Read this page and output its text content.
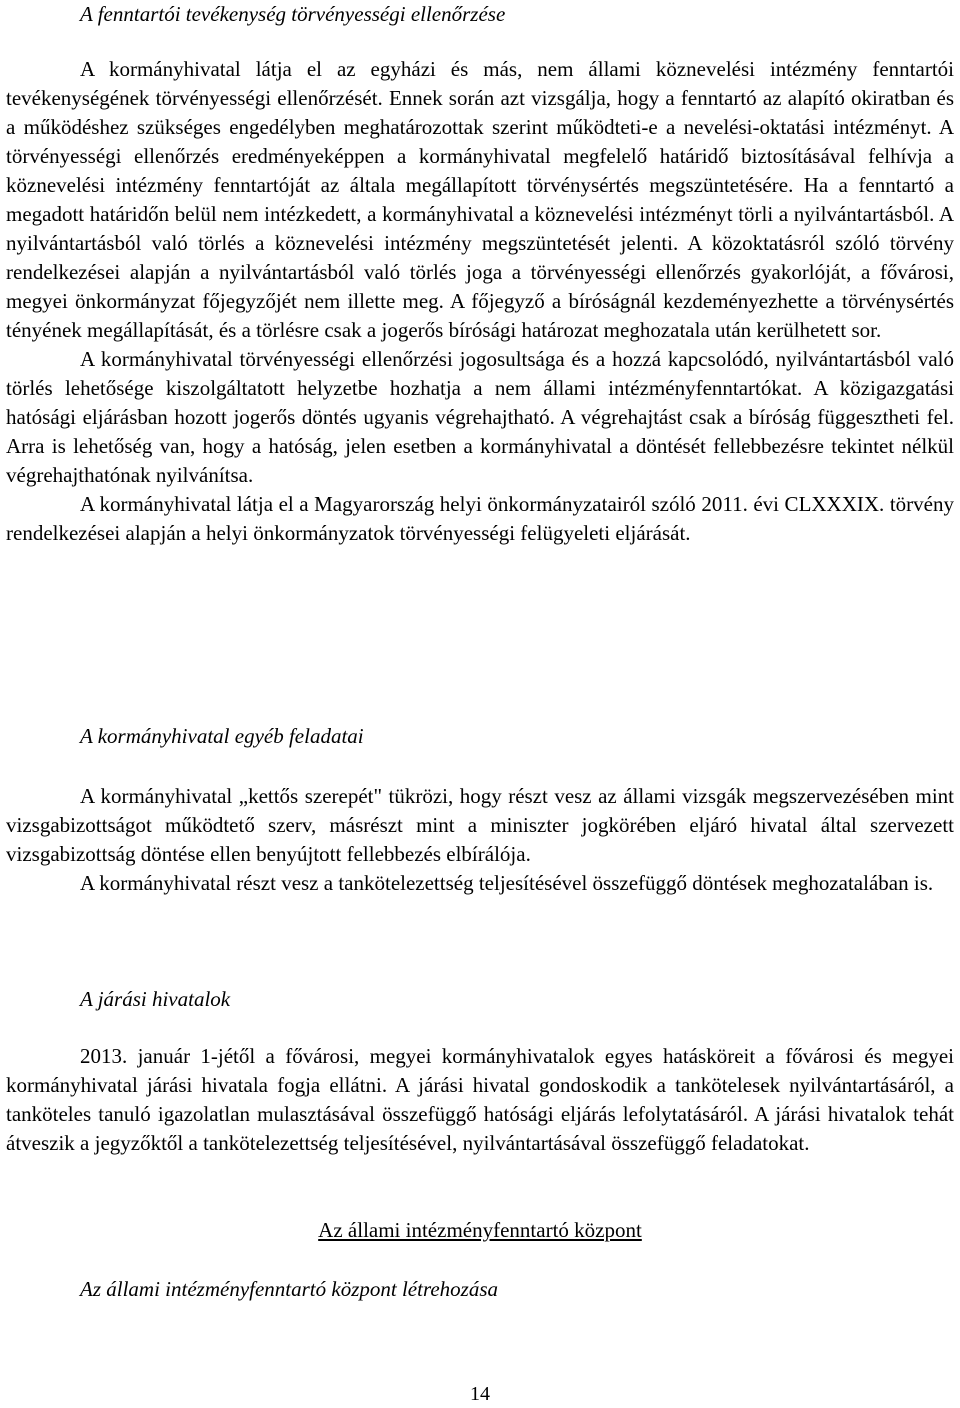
A fenntartói tevékenység törvényességi ellenőrzése

A kormányhivatal látja el az egyházi és más, nem állami köznevelési intézmény fenntartói tevékenységének törvényességi ellenőrzését. Ennek során azt vizsgálja, hogy a fenntartó az alapító okiratban és a működéshez szükséges engedélyben meghatározottak szerint működteti-e a nevelési-oktatási intézményt. A törvényességi ellenőrzés eredményeképpen a kormányhivatal megfelelő határidő biztosításával felhívja a köznevelési intézmény fenntartóját az általa megállapított törvénysértés megszüntetésére. Ha a fenntartó a megadott határidőn belül nem intézkedett, a kormányhivatal a köznevelési intézményt törli a nyilvántartásból. A nyilvántartásból való törlés a köznevelési intézmény megszüntetését jelenti. A közoktatásról szóló törvény rendelkezései alapján a nyilvántartásból való törlés joga a törvényességi ellenőrzés gyakorlóját, a fővárosi, megyei önkormányzat főjegyzőjét nem illette meg. A főjegyző a bíróságnál kezdeményezhette a törvénysértés tényének megállapítását, és a törlésre csak a jogerős bírósági határozat meghozatala után kerülhetett sor.

A kormányhivatal törvényességi ellenőrzési jogosultsága és a hozzá kapcsolódó, nyilvántartásból való törlés lehetősége kiszolgáltatott helyzetbe hozhatja a nem állami intézményfenntartókat. A közigazgatási hatósági eljárásban hozott jogerős döntés ugyanis végrehajtható. A végrehajtást csak a bíróság függesztheti fel. Arra is lehetőség van, hogy a hatóság, jelen esetben a kormányhivatal a döntését fellebbezésre tekintet nélkül végrehajthatónak nyilvánítsa.

A kormányhivatal látja el a Magyarország helyi önkormányzatairól szóló 2011. évi CLXXXIX. törvény rendelkezései alapján a helyi önkormányzatok törvényességi felügyeleti eljárását.

A kormányhivatal egyéb feladatai

A kormányhivatal „kettős szerepét" tükrözi, hogy részt vesz az állami vizsgák megszervezésében mint vizsgabizottságot működtető szerv, másrészt mint a miniszter jogkörében eljáró hivatal által szervezett vizsgabizottság döntése ellen benyújtott fellebbezés elbírálója.

A kormányhivatal részt vesz a tankötelezettség teljesítésével összefüggő döntések meghozatalában is.

A járási hivatalok

2013. január 1-jétől a fővárosi, megyei kormányhivatalok egyes hatásköreit a fővárosi és megyei kormányhivatal járási hivatala fogja ellátni. A járási hivatal gondoskodik a tankötelesek nyilvántartásáról, a tanköteles tanuló igazolatlan mulasztásával összefüggő hatósági eljárás lefolytatásáról. A járási hivatalok tehát átveszik a jegyzőktől a tankötelezettség teljesítésével, nyilvántartásával összefüggő feladatokat.

Az állami intézményfenntartó központ
Az állami intézményfenntartó központ létrehozása
14
